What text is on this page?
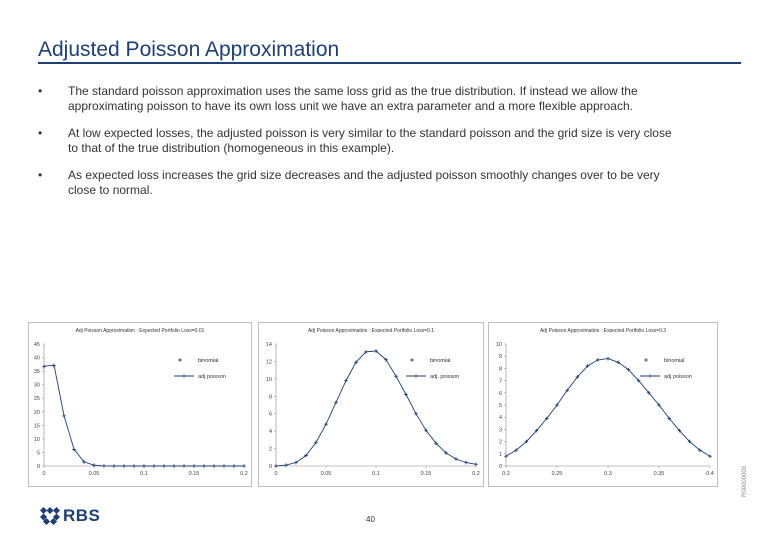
Adjusted Poisson Approximation
•	The standard poisson approximation uses the same loss grid as the true distribution. If instead we allow the approximating poisson to have its own loss unit we have an extra parameter and a more flexible approach.
•	At low expected losses, the adjusted poisson is very similar to the standard poisson and the grid size is very close to that of the true distribution (homogeneous in this example).
•	As expected loss increases the grid size decreases and the adjusted poisson smoothly changes over to be very close to normal.
Adj Poisson Approximation : Expected Portfolio Loss=0.01
0
5
10
15
20
25
30
35
40
45
0	0.05	0.1	0.15	0.2
binomial
adj poisson
Adj Poisson Approximation : Expected Portfolio Loss=0.1
0
2
4
6
8
10
12
14
0	0.05	0.1	0.15	0.2
binomial
adj. poisson
Adj Poisson Approximation : Expected Portfolio Loss=0.3
0
1
2
3
4
5
6
7
8
9
10
0.2	0.25	0.3	0.35	0.4
binomial
adj poisson
R00000000
RBS	40
